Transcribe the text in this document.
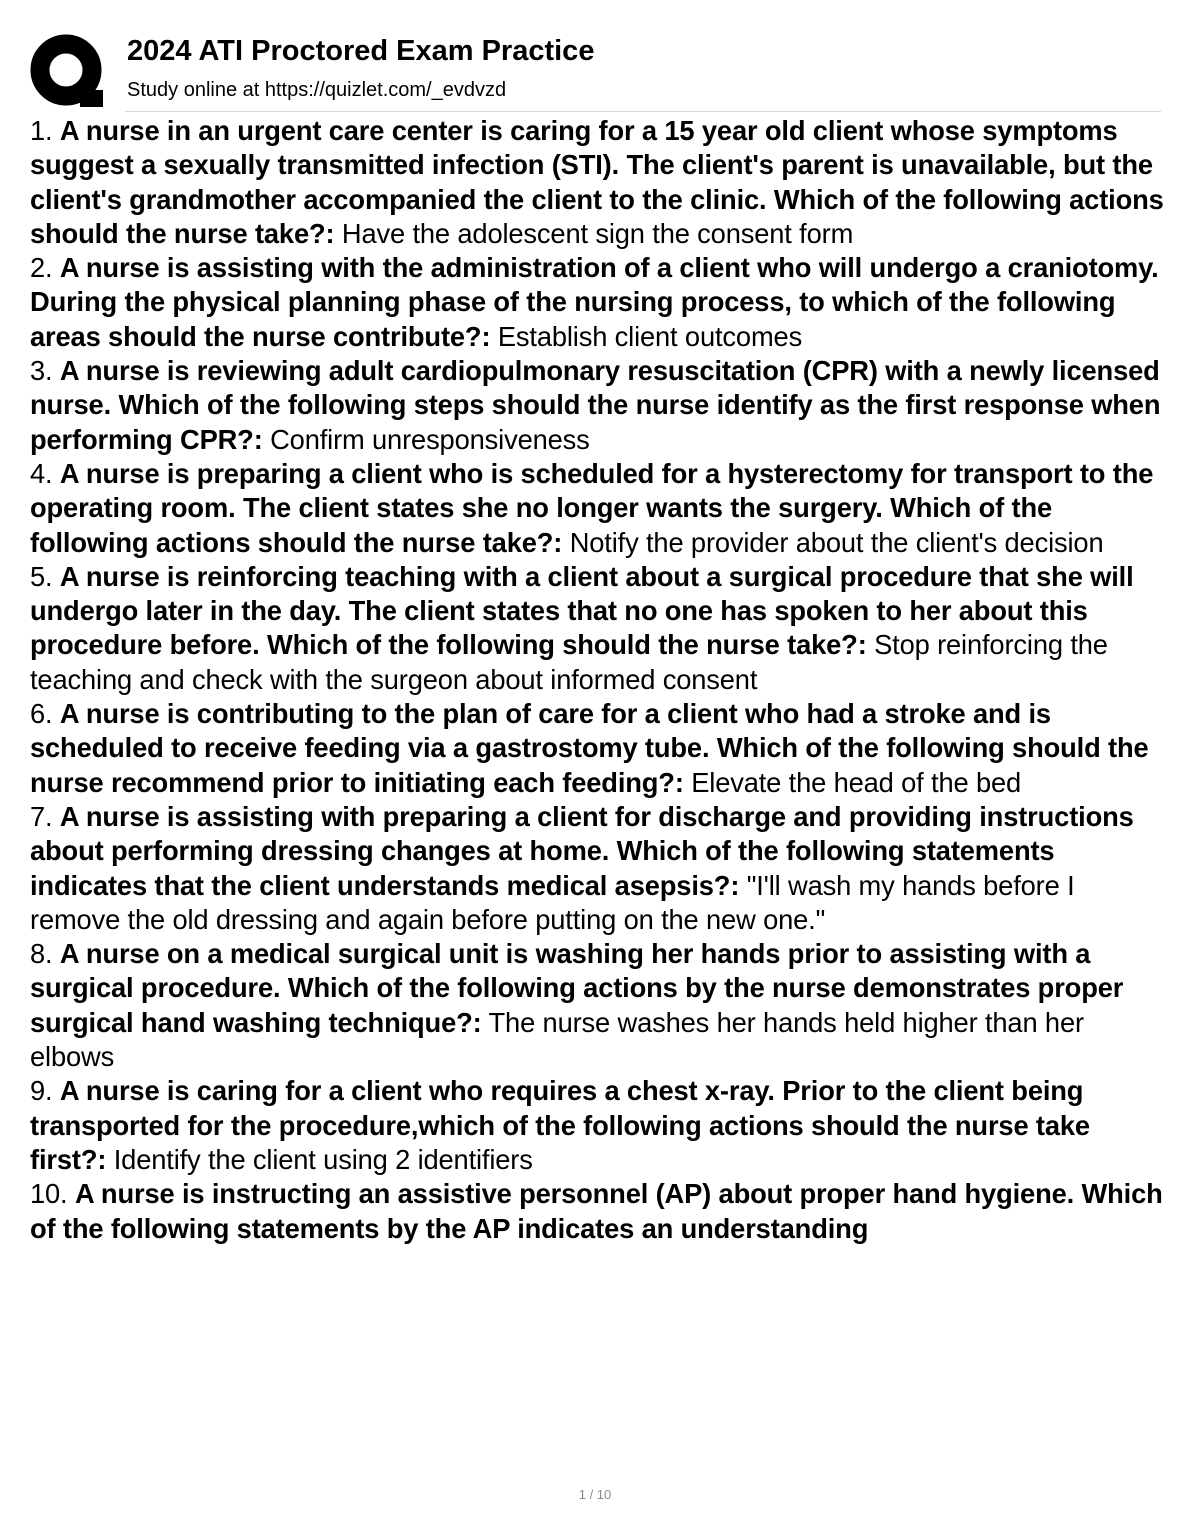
2024 ATI Proctored Exam Practice
Study online at https://quizlet.com/_evdvzd

1. A nurse in an urgent care center is caring for a 15 year old client whose symptoms suggest a sexually transmitted infection (STI). The client's parent is unavailable, but the client's grandmother accompanied the client to the clinic. Which of the following actions should the nurse take?: Have the adolescent sign the consent form

2. A nurse is assisting with the administration of a client who will undergo a craniotomy. During the physical planning phase of the nursing process, to which of the following areas should the nurse contribute?: Establish client outcomes

3. A nurse is reviewing adult cardiopulmonary resuscitation (CPR) with a newly licensed nurse. Which of the following steps should the nurse identify as the first response when performing CPR?: Confirm unresponsiveness

4. A nurse is preparing a client who is scheduled for a hysterectomy for transport to the operating room. The client states she no longer wants the surgery. Which of the following actions should the nurse take?: Notify the provider about the client's decision

5. A nurse is reinforcing teaching with a client about a surgical procedure that she will undergo later in the day. The client states that no one has spoken to her about this procedure before. Which of the following should the nurse take?: Stop reinforcing the teaching and check with the surgeon about informed consent

6. A nurse is contributing to the plan of care for a client who had a stroke and is scheduled to receive feeding via a gastrostomy tube. Which of the following should the nurse recommend prior to initiating each feeding?: Elevate the head of the bed

7. A nurse is assisting with preparing a client for discharge and providing instructions about performing dressing changes at home. Which of the following statements indicates that the client understands medical asepsis?: "I'll wash my hands before I remove the old dressing and again before putting on the new one."

8. A nurse on a medical surgical unit is washing her hands prior to assisting with a surgical procedure. Which of the following actions by the nurse demonstrates proper surgical hand washing technique?: The nurse washes her hands held higher than her elbows

9. A nurse is caring for a client who requires a chest x-ray. Prior to the client being transported for the procedure,which of the following actions should the nurse take first?: Identify the client using 2 identifiers

10. A nurse is instructing an assistive personnel (AP) about proper hand hygiene. Which of the following statements by the AP indicates an understanding

1 / 10
